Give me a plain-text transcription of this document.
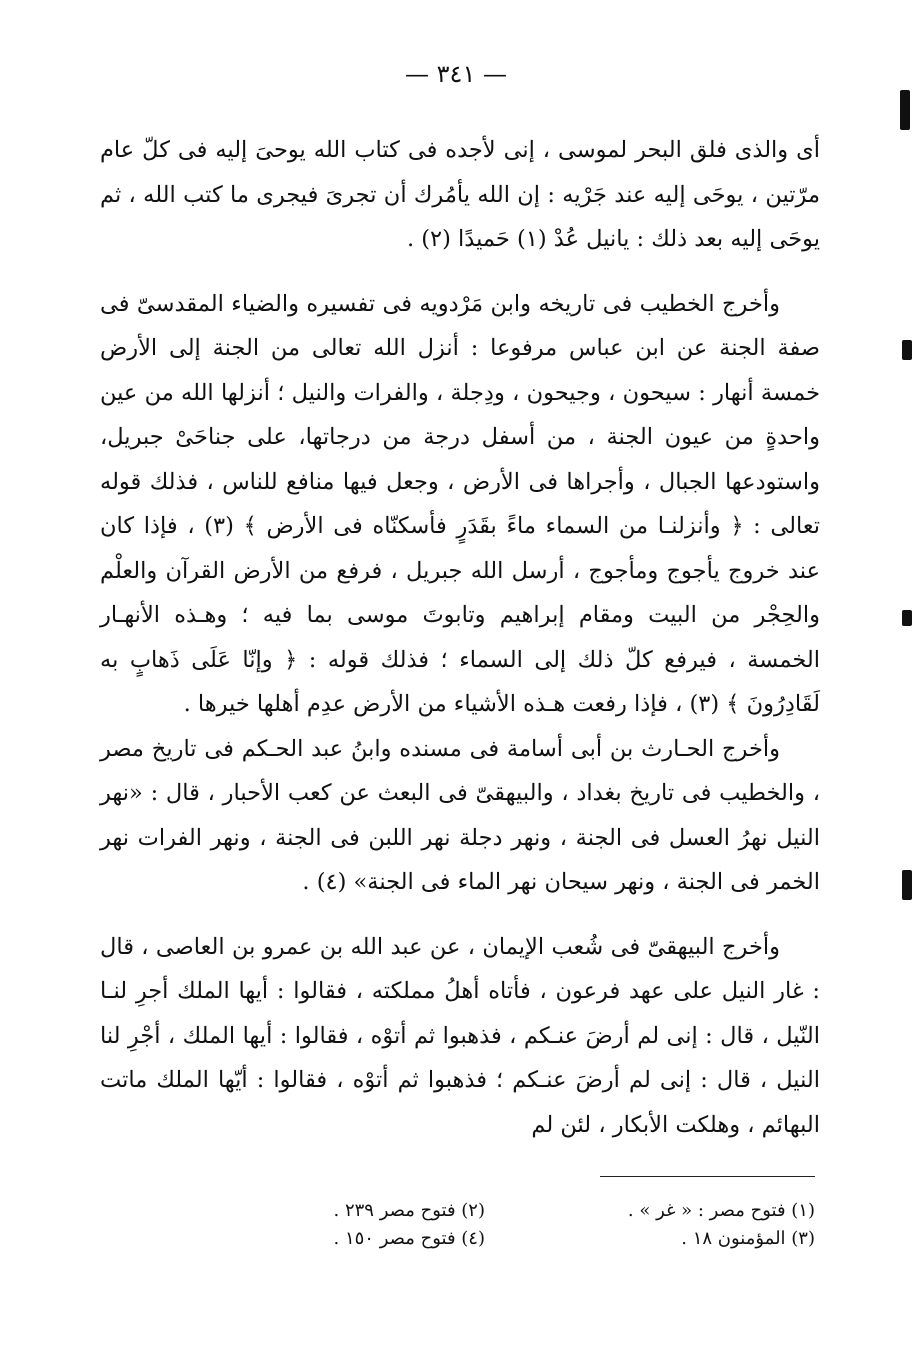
— ٣٤١ —

أى والذى فلق البحر لموسى ، إنى لأجده فى كتاب الله يوحىَ إليه فى كلّ عام مرّتين ، يوحَى إليه عند جَرْيه : إن الله يأمُرك أن تجرىَ فيجرى ما كتب الله ، ثم يوحَى إليه بعد ذلك : يانيل عُدْ (١) حَميدًا (٢) .

وأخرج الخطيب فى تاريخه وابن مَرْدويه فى تفسيره والضياء المقدسىّ فى صفة الجنة عن ابن عباس مرفوعا : أنزل الله تعالى من الجنة إلى الأرض خمسة أنهار : سيحون ، وجيحون ، ودِجلة ، والفرات والنيل ؛ أنزلها الله من عين واحدةٍ من عيون الجنة ، من أسفل درجة من درجاتها، على جناحَىْ جبريل، واستودعها الجبال ، وأجراها فى الأرض ، وجعل فيها منافع للناس ، فذلك قوله تعالى : ﴿ وأنزلنـا من السماء ماءً بقَدَرٍ فأسكنّاه فى الأرض ﴾ (٣) ، فإذا كان عند خروج يأجوج ومأجوج ، أرسل الله جبريل ، فرفع من الأرض القرآن والعلْم والحِجْر من البيت ومقام إبراهيم وتابوتَ موسى بما فيه ؛ وهـذه الأنهـار الخمسة ، فيرفع كلّ ذلك إلى السماء ؛ فذلك قوله : ﴿ وإنّا عَلَى ذَهابٍ به لَقَادِرُونَ ﴾ (٣) ، فإذا رفعت هـذه الأشياء من الأرض عدِم أهلها خيرها .

وأخرج الحـارث بن أبى أسامة فى مسنده وابنُ عبد الحـكم فى تاريخ مصر ، والخطيب فى تاريخ بغداد ، والبيهقىّ فى البعث عن كعب الأحبار ، قال : «نهر النيل نهرُ العسل فى الجنة ، ونهر دجلة نهر اللبن فى الجنة ، ونهر الفرات نهر الخمر فى الجنة ، ونهر سيحان نهر الماء فى الجنة» (٤) .

وأخرج البيهقىّ فى شُعب الإيمان ، عن عبد الله بن عمرو بن العاصى ، قال : غار النيل على عهد فرعون ، فأتاه أهلُ مملكته ، فقالوا : أيها الملك أجرِ لنـا النّيل ، قال : إنى لم أرضَ عنـكم ، فذهبوا ثم أتوْه ، فقالوا : أيها الملك ، أجْرِ لنا النيل ، قال : إنى لم أرضَ عنـكم ؛ فذهبوا ثم أتوْه ، فقالوا : أيّها الملك ماتت البهائم ، وهلكت الأبكار ، لئن لم

(١) فتوح مصر : « غر » .
(٢) فتوح مصر ٢٣٩ .
(٣) المؤمنون ١٨ .
(٤) فتوح مصر ١٥٠ .
